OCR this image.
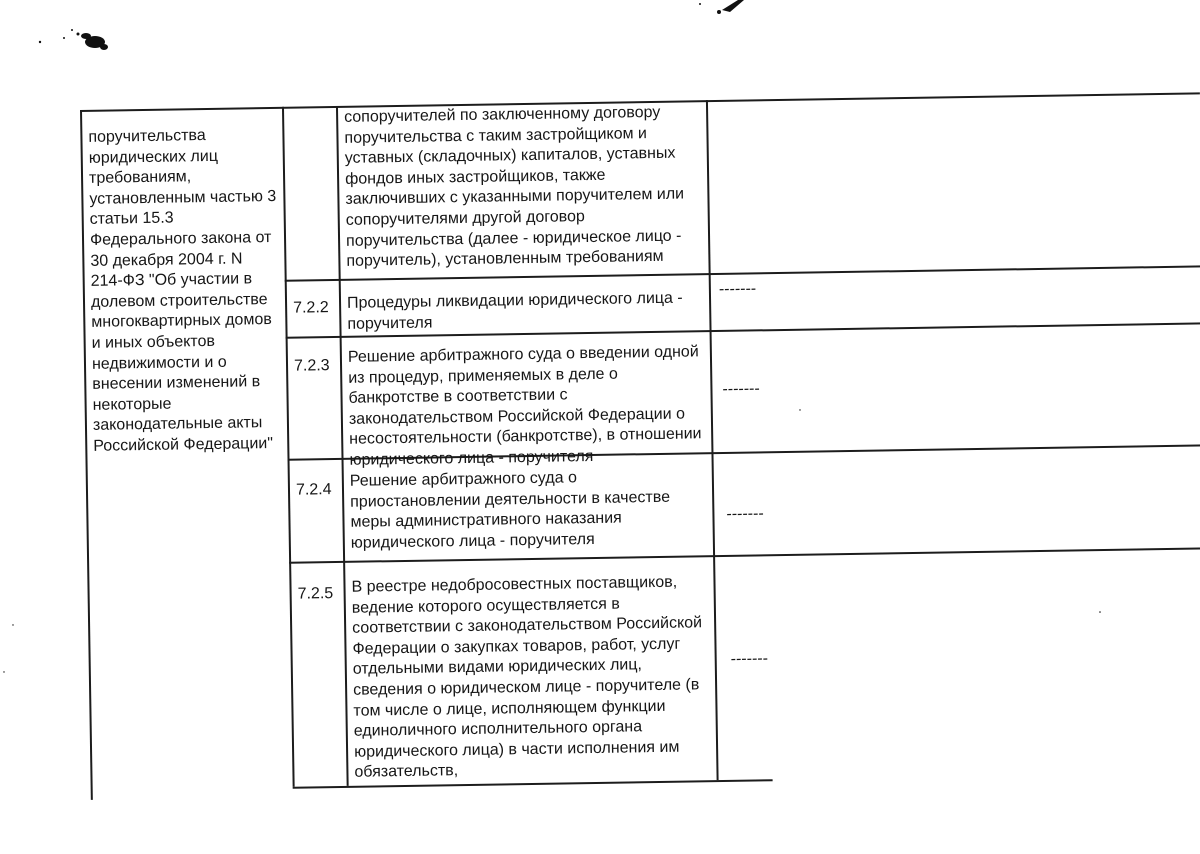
поручительства юридических лиц требованиям, установленным частью 3 статьи 15.3 Федерального закона от 30 декабря 2004 г. N 214-ФЗ "Об участии в долевом строительстве многоквартирных домов и иных объектов недвижимости и о внесении изменений в некоторые законодательные акты Российской Федерации"
сопоручителей по заключенному договору поручительства с таким застройщиком и уставных (складочных) капиталов, уставных фондов иных застройщиков, также заключивших с указанными поручителем или сопоручителями другой договор поручительства (далее - юридическое лицо - поручитель), установленным требованиям
7.2.2	Процедуры ликвидации юридического лица - поручителя
-------
7.2.3
Решение арбитражного суда о введении одной из процедур, применяемых в деле о банкротстве в соответствии с законодательством Российской Федерации о несостоятельности (банкротстве), в отношении юридического лица - поручителя
-------
7.2.4
Решение арбитражного суда о приостановлении деятельности в качестве меры административного наказания юридического лица - поручителя
-------
7.2.5	В реестре недобросовестных поставщиков, ведение которого осуществляется в соответствии с законодательством Российской Федерации о закупках товаров, работ, услуг отдельными видами юридических лиц, сведения о юридическом лице - поручителе (в том числе о лице, исполняющем функции единоличного исполнительного органа юридического лица) в части исполнения им обязательств,
-------
